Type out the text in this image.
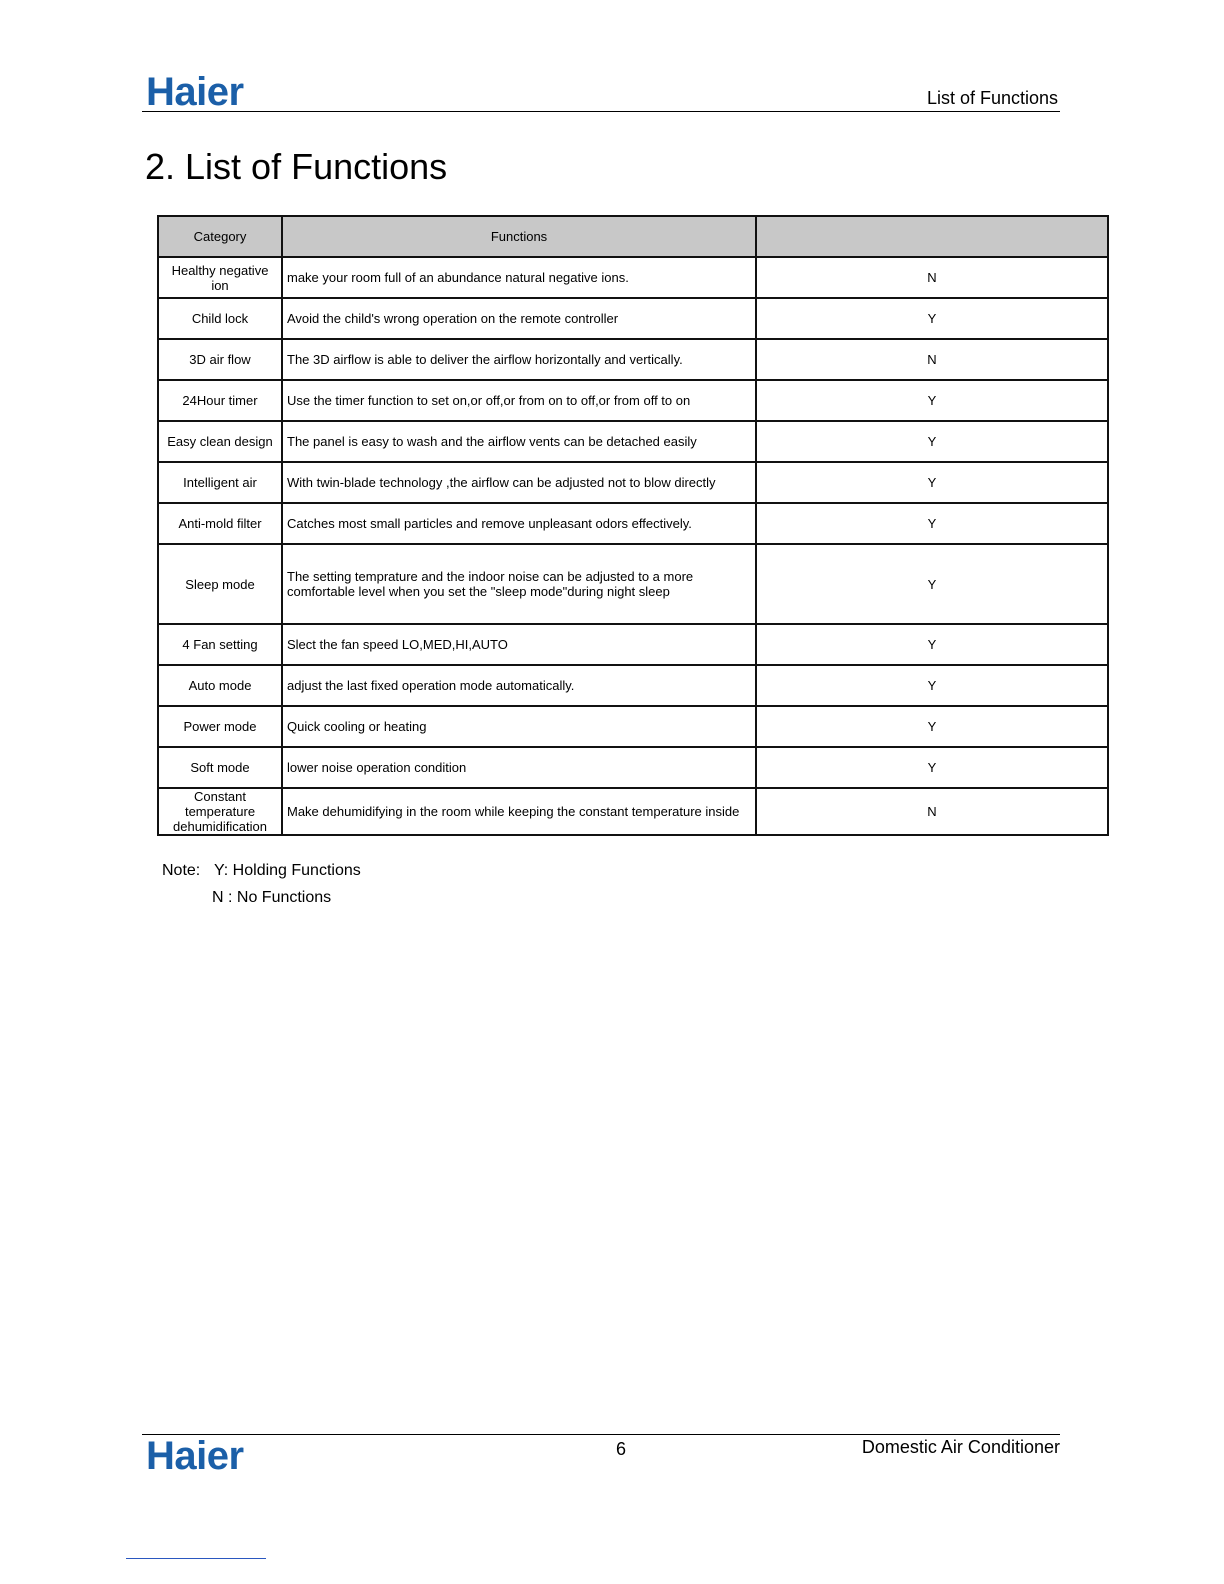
Haier	List of Functions
2. List of Functions
Category	Functions	
Healthy negative ion	make your room full of an abundance natural negative ions.	N
Child lock	Avoid the child's wrong operation on the remote controller	Y
3D air flow	The 3D airflow is able to deliver the airflow horizontally and vertically.	N
24Hour timer	Use the timer function to set on,or off,or from on to off,or from off to on	Y
Easy clean design	The panel is easy to wash and the airflow vents can be detached easily	Y
Intelligent air	With twin-blade technology ,the airflow can be adjusted not to blow directly	Y
Anti-mold filter	Catches most small particles and remove unpleasant odors effectively.	Y
Sleep mode	The setting temprature and the indoor noise can be adjusted to a more comfortable level when you set the "sleep mode"during night sleep	Y
4 Fan setting	Slect the fan speed LO,MED,HI,AUTO	Y
Auto mode	adjust the last fixed operation mode automatically.	Y
Power mode	Quick cooling or heating	Y
Soft mode	lower noise operation condition	Y
Constant temperature dehumidification	Make dehumidifying in the room while keeping the constant temperature inside	N
Note: Y: Holding Functions
N : No Functions
Haier	6	Domestic Air Conditioner
